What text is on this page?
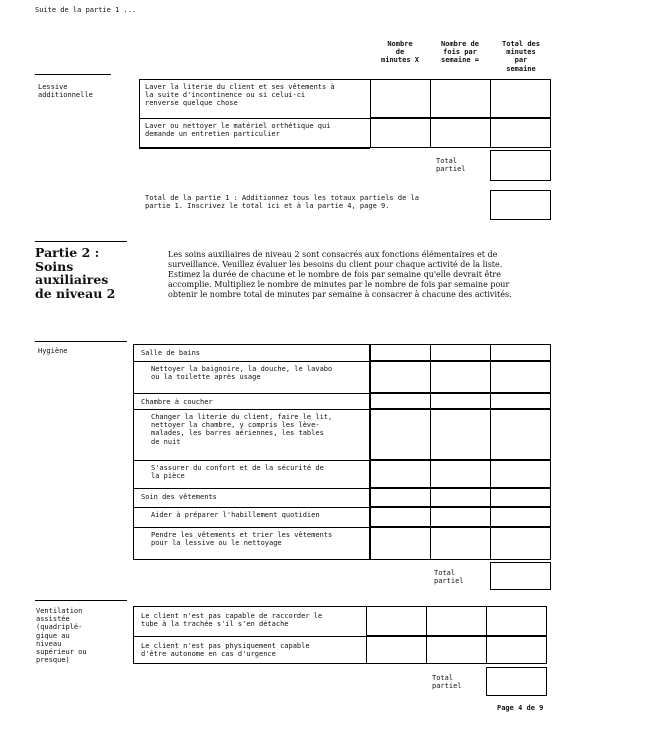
Suite de la partie 1 ...
Nombre
de
minutes X
Nombre de
fois par
semaine =
Total des
minutes
par
semaine
Lessive
additionnelle
Laver la literie du client et ses vêtements à
la suite d'incontinence ou si celui-ci
renverse quelque chose
Laver ou nettoyer le matériel orthétique qui
demande un entretien particulier
Total
partiel
Total de la partie 1 : Additionnez tous les totaux partiels de la
partie 1. Inscrivez le total ici et à la partie 4, page 9.
Partie 2 :
Soins
auxiliaires
de niveau 2
Les soins auxiliaires de niveau 2 sont consacrés aux fonctions élémentaires et de
surveillance. Veuillez évaluer les besoins du client pour chaque activité de la liste.
Estimez la durée de chacune et le nombre de fois par semaine qu'elle devrait être
accomplie. Multipliez le nombre de minutes par le nombre de fois par semaine pour
obtenir le nombre total de minutes par semaine à consacrer à chacune des activités.
Hygiène	Salle de bains
Nettoyer la baignoire, la douche, le lavabo
ou la toilette après usage
Chambre à coucher
Changer la literie du client, faire le lit,
nettoyer la chambre, y compris les lève-
malades, les barres aériennes, les tables
de nuit
S'assurer du confort et de la sécurité de
la pièce
Soin des vêtements
Aider à préparer l'habillement quotidien
Pendre les vêtements et trier les vêtements
pour la lessive ou le nettoyage
Total
partiel
Ventilation
assistée
(quadriplé-
gique au
niveau
supérieur ou
presque)
Le client n'est pas capable de raccorder le
tube à la trachée s'il s'en détache
Le client n'est pas physiquement capable
d'être autonome en cas d'urgence
Total
partiel
Page 4 de 9
